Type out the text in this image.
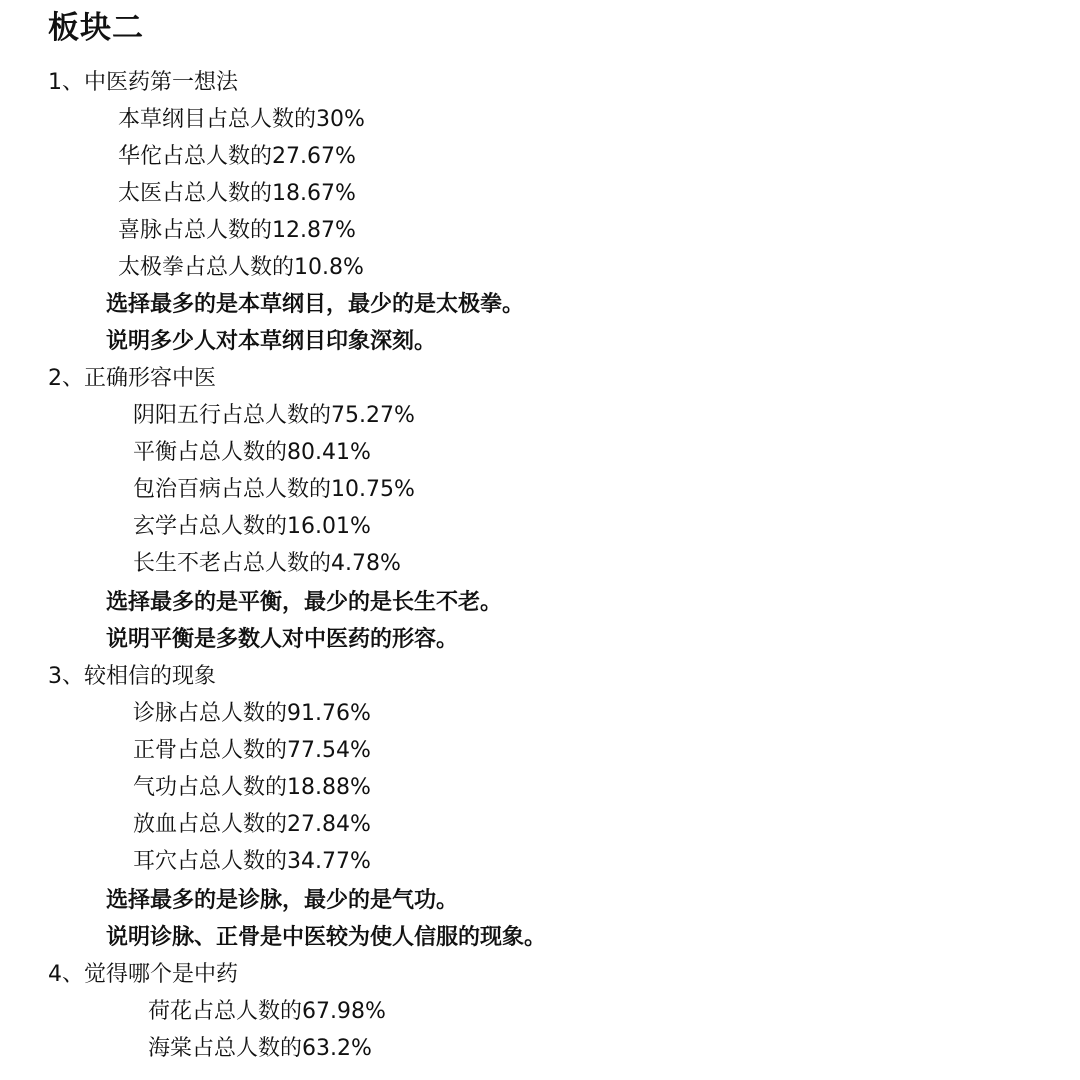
板块二
1、中医药第一想法
本草纲目占总人数的30%
华佗占总人数的27.67%
太医占总人数的18.67%
喜脉占总人数的12.87%
太极拳占总人数的10.8%
选择最多的是本草纲目，最少的是太极拳。
说明多少人对本草纲目印象深刻。
2、正确形容中医
阴阳五行占总人数的75.27%
平衡占总人数的80.41%
包治百病占总人数的10.75%
玄学占总人数的16.01%
长生不老占总人数的4.78%
选择最多的是平衡，最少的是长生不老。
说明平衡是多数人对中医药的形容。
3、较相信的现象
诊脉占总人数的91.76%
正骨占总人数的77.54%
气功占总人数的18.88%
放血占总人数的27.84%
耳穴占总人数的34.77%
选择最多的是诊脉，最少的是气功。
说明诊脉、正骨是中医较为使人信服的现象。
4、觉得哪个是中药
荷花占总人数的67.98%
海棠占总人数的63.2%
